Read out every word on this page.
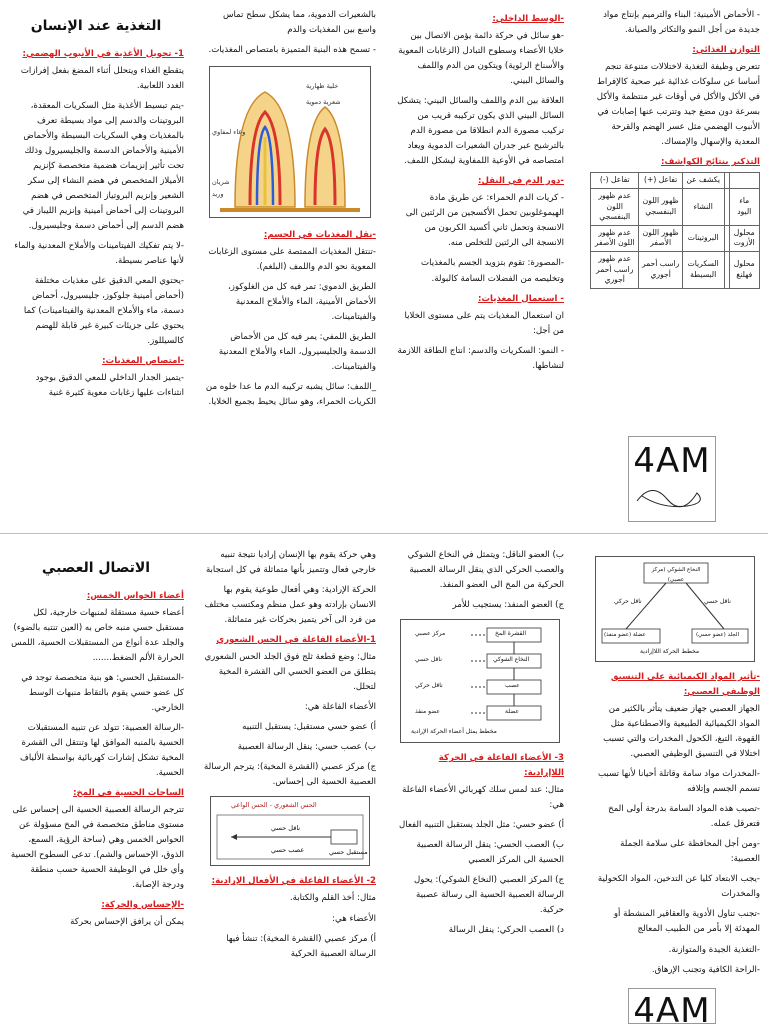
التغذية عند الإنسان
1- تحويل الأغذية في الأنبوب الهضمي:

يتقطع الغذاء ويتحلل أثناء المضغ بفعل إفرازات الغدد اللعابية.

-يتم تبسيط الأغذية مثل السكريات المعقدة، البروتينات والدسم إلى مواد بسيطة تعرف بالمغذيات وهي السكريات البسيطة والأحماض الأمينية والأحماض الدسمة والجليسيرول وذلك تحت تأثير إنزيمات هضمية متخصصة كإنزيم الأميلاز المتخصص في هضم النشاء إلى سكر الشعير وإنزيم البروتياز المتخصص في هضم البروتينات إلى أحماض أمينية وإنزيم الليباز في هضم الدسم إلى أحماض دسمة وجليسيرول.

-لا يتم تفكيك الفيتامينات والأملاح المعدنية والماء لأنها عناصر بسيطة.

-يحتوي المعي الدقيق على مغذيات مختلفة (أحماض أمينية جلوكوز، جليسيرول، أحماض دسمة، ماء والأملاح المعدنية والفيتامينات) كما يحتوي على جزيئات كبيرة غير قابلة للهضم كالسيللوز.

-امتصاص المغذيات:

-يتميز الجدار الداخلي للمعي الدقيق بوجود انثناءات عليها زغابات معوية كثيرة غنية

بالشعيرات الدموية، مما يشكل سطح تماس واسع بين المغذيات والدم

- تسمح هذه البنية المتميزة بامتصاص المغذيات.

خلية ظهارية
شعرية دموية
وعاء لمفاوي
شريان
وريد
-نقل المغذيات في الجسم:

-تنتقل المغذيات الممتصة على مستوى الزغابات المعوية نحو الدم واللمف (البلغم).

الطريق الدموي: تمر فيه كل من الغلوكوز، الأحماض الأمينية، الماء والأملاح المعدنية والفيتامينات.

الطريق اللمفي: يمر فيه كل من الأحماض الدسمة والجليسيرول، الماء والأملاح المعدنية والفيتامينات.

_اللمف: سائل يشبه تركيبه الدم ما عدا خلوه من الكريات الحمراء، وهو سائل يحيط بجميع الخلايا.

-الوسط الداخلي:

-هو سائل في حركة دائمة يؤمن الاتصال بين خلايا الأعضاء وسطوح التبادل (الزغابات المعوية والأسناخ الرئوية) ويتكون من الدم واللمف والسائل البيني.

العلاقة بين الدم واللمف والسائل البيني: يتشكل السائل البيني الذي يكون تركيبه قريب من تركيب مصورة الدم انطلاقا من مصورة الدم بالترشيح عبر جدران الشعيرات الدموية ويعاد امتصاصه في الأوعية اللمفاوية ليشكل اللمف.

-دور الدم في النقل:

- كريات الدم الحمراء: عن طريق مادة الهيموغلوبين تحمل الأكسجين من الرئتين الى الانسجة وتحمل ثاني أكسيد الكربون من الانسجة الى الرئتين للتخلص منه.

-المصورة: تقوم بتزويد الجسم بالمغذيات وتخليصه من الفضلات السامة كالبولة.

- استعمال المغذيات:

ان استعمال المغذيات يتم على مستوى الخلايا من أجل:

- النمو: السكريات والدسم: انتاج الطاقة اللازمة لنشاطها.

- الأحماض الأمينية: البناء والترميم بإنتاج مواد جديدة من أجل النمو والتكاثر والصيانة.

التوازن الغذائي:

تتعرض وظيفة التغذية لاختلالات متنوعة تنجم أساسا عن سلوكات غذائية غير صحية كالإفراط في الأكل والأكل في أوقات غير منتظمة والأكل بسرعة دون مضغ جيد وتترتب عنها إصابات في الأنبوب الهضمي مثل عسر الهضم والقرحة المعدية والإسهال والإمساك.

التذكير بنتائج الكواشف:
		يكشف عن	تفاعل (+)	تفاعل (-)
ماء اليود		النشاء	ظهور اللون البنفسجي	عدم ظهور اللون البنفسجي
محلول الأزوت		البروتينات	ظهور اللون الأصفر	عدم ظهور اللون الأصفر
محلول فهلنغ		السكريات البسيطة	راسب أحمر أجوري	عدم ظهور راسب أحمر أجوري
4AM
الاتصال العصبي
أعضاء الحواس الخمس:

أعضاء حسية مستقلة لمنبهات خارجية، لكل مستقبل حسي منبه خاص به (العين تنتبه بالضوء) والجلد عدة أنواع من المستقبلات الحسية، اللمس الحرارة الألم الضغط.......

-المستقبل الحسي: هو بنية متخصصة توجد في كل عضو حسي يقوم بالتقاط منبهات الوسط الخارجي.

-الرسالة العصبية: تتولد عن تنبيه المستقبلات الحسية بالمنبه الموافق لها وتنتقل الى القشرة المخية تشكل إشارات كهربائية بواسطة الألياف الحسية.

الساحات الحسية في المخ:

تترجم الرسالة العصبية الحسية الى إحساس على مستوى مناطق متخصصة في المخ مسؤولة عن الحواس الخمس وهي (ساحة الرؤية، السمع، الذوق، الإحساس والشم). تدعى السطوح الحسية وأي خلل في الوظيفة الحسية حسب منطقة ودرجة الإصابة.

-الإحساس والحركة:

يمكن أن يرافق الإحساس بحركة

وهي حركة يقوم بها الإنسان إراديا نتيجة تنبيه خارجي فعال وتتميز بأنها متماثلة في كل استجابة

الحركة الإرادية: وهي أفعال طوعية يقوم بها الانسان بإرادته وهو عمل منظم ومكتسب مختلف من فرد الى آخر يتميز بحركات غير متماثلة.

1-الأعضاء الفاعلة في الحس الشعوري

مثال: وضع قطعة ثلج فوق الجلد الحس الشعوري يتطلق من العضو الحسي الى القشرة المخية لتحلل.

الأعضاء الفاعلة هي:

أ) عضو حسي مستقبل: يستقبل التنبيه

ب) عصب حسي: ينقل الرسالة العصبية

ج) مركز عصبي (القشرة المخية): يترجم الرسالة العصبية الحسية الى إحساس.

الحس الشعوري - الحس الواعي
ناقل حسي
عصب حسي	مستقبل حسي
2- الأعضاء الفاعلة في الأفعال الإرادية:

مثال: أخذ القلم والكتابة.

الأعضاء هي:

أ) مركز عصبي (القشرة المخية): تنشأ فيها الرسالة العصبية الحركية

ب) العضو الناقل: ويتمثل في النخاع الشوكي والعصب الحركي الذي ينقل الرسالة العصبية الحركية من المخ الى العضو المنفذ.

ج) العضو المنفذ: يستجيب للأمر

القشرة المخ
النخاع الشوكي
عصب
عضلة
مركز عصبي
ناقل حسي
ناقل حركي
عضو منفذ
مخطط يمثل أعضاء الحركة الإرادية
3- الأعضاء الفاعلة في الحركة اللاإرادية:

مثال: عند لمس سلك كهربائي الأعضاء الفاعلة هي:

أ) عضو حسي: مثل الجلد يستقبل التنبيه الفعال

ب) العصب الحسي: ينقل الرسالة العصبية الحسية الى المركز العصبي

ج) المركز العصبي (النخاع الشوكي): يحول الرسالة العصبية الحسية الى رسالة عصبية حركية.

د) العصب الحركي: ينقل الرسالة

النخاع الشوكي (مركز عصبي)
ناقل حسي
ناقل حركي
عضلة (عضو منفذ)	الجلد (عضو حسي)
مخطط الحركة اللاإرادية
-تأثير المواد الكيميائية على التنسيق الوظيفي العصبي:

الجهاز العصبي جهاز ضعيف يتأثر بالكثير من المواد الكيميائية الطبيعية والاصطناعية مثل القهوة، التبغ، الكحول المخدرات والتي تسبب اختلالا في التنسيق الوظيفي العصبي.

-المخدرات مواد سامة وقاتلة أحيانا لأنها تسبب تسمم الجسم وإتلافه

-تصيب هذه المواد السامة بدرجة أولى المخ فتعرقل عمله.

-ومن أجل المحافظة على سلامة الجملة العصبية:

-يجب الابتعاد كليا عن التدخين، المواد الكحولية والمخدرات

-تجنب تناول الأدوية والعقاقير المنشطة أو المهدئة إلا بأمر من الطبيب المعالج

-التغذية الجيدة والمتوازنة.

-الراحة الكافية وتجنب الإرهاق.

4AM
